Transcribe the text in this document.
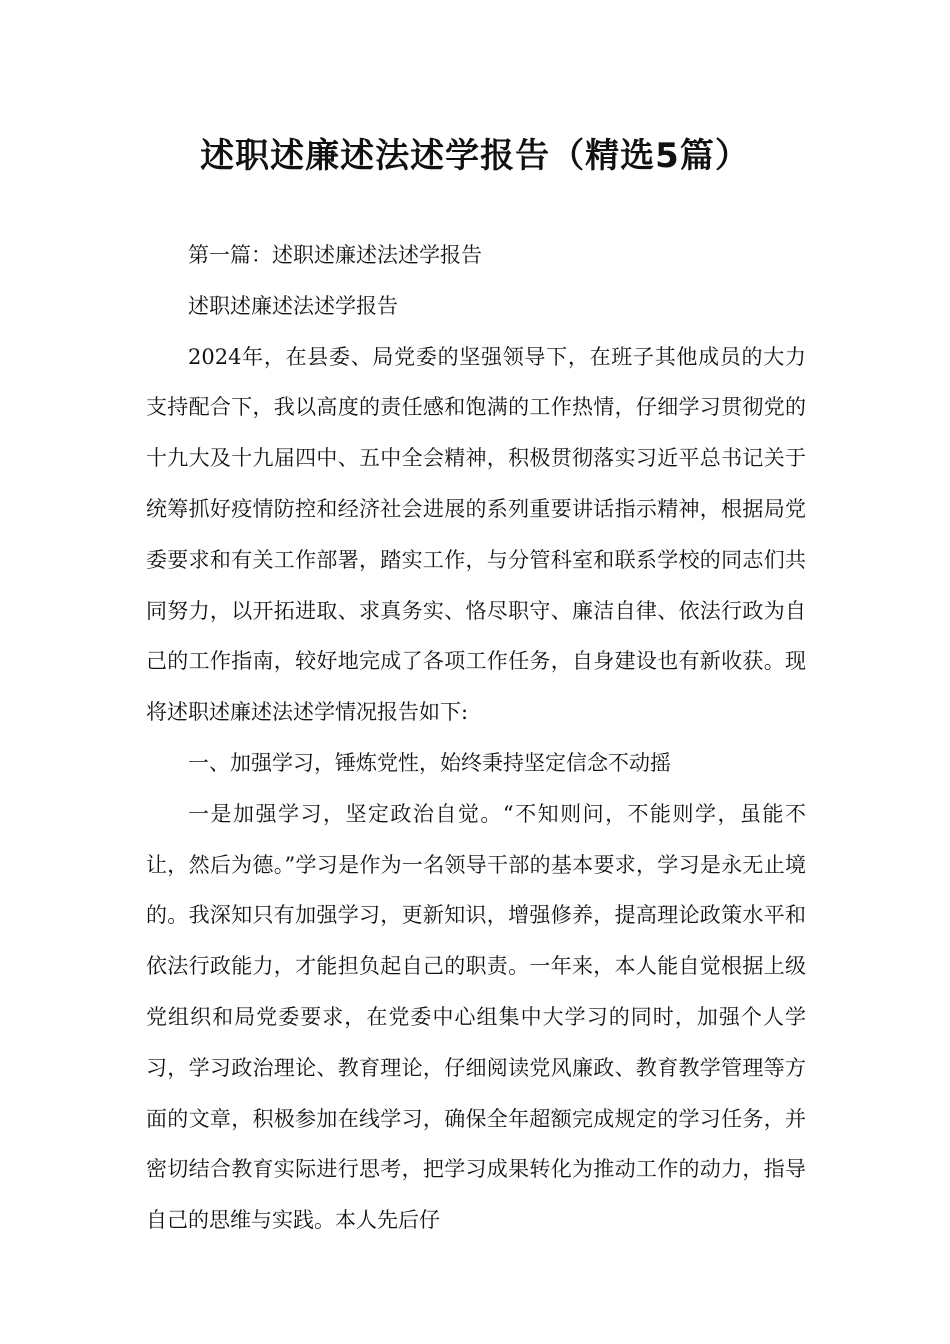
述职述廉述法述学报告（精选5篇）

第一篇：述职述廉述法述学报告

述职述廉述法述学报告

2024年，在县委、局党委的坚强领导下，在班子其他成员的大力支持配合下，我以高度的责任感和饱满的工作热情，仔细学习贯彻党的十九大及十九届四中、五中全会精神，积极贯彻落实习近平总书记关于统筹抓好疫情防控和经济社会进展的系列重要讲话指示精神，根据局党委要求和有关工作部署，踏实工作，与分管科室和联系学校的同志们共同努力，以开拓进取、求真务实、恪尽职守、廉洁自律、依法行政为自己的工作指南，较好地完成了各项工作任务，自身建设也有新收获。现将述职述廉述法述学情况报告如下:

一、加强学习，锤炼党性，始终秉持坚定信念不动摇

一是加强学习，坚定政治自觉。“不知则问，不能则学，虽能不让，然后为德。”学习是作为一名领导干部的基本要求，学习是永无止境的。我深知只有加强学习，更新知识，增强修养，提高理论政策水平和依法行政能力，才能担负起自己的职责。一年来，本人能自觉根据上级党组织和局党委要求，在党委中心组集中大学习的同时，加强个人学习，学习政治理论、教育理论，仔细阅读党风廉政、教育教学管理等方面的文章，积极参加在线学习，确保全年超额完成规定的学习任务，并密切结合教育实际进行思考，把学习成果转化为推动工作的动力，指导自己的思维与实践。本人先后仔
